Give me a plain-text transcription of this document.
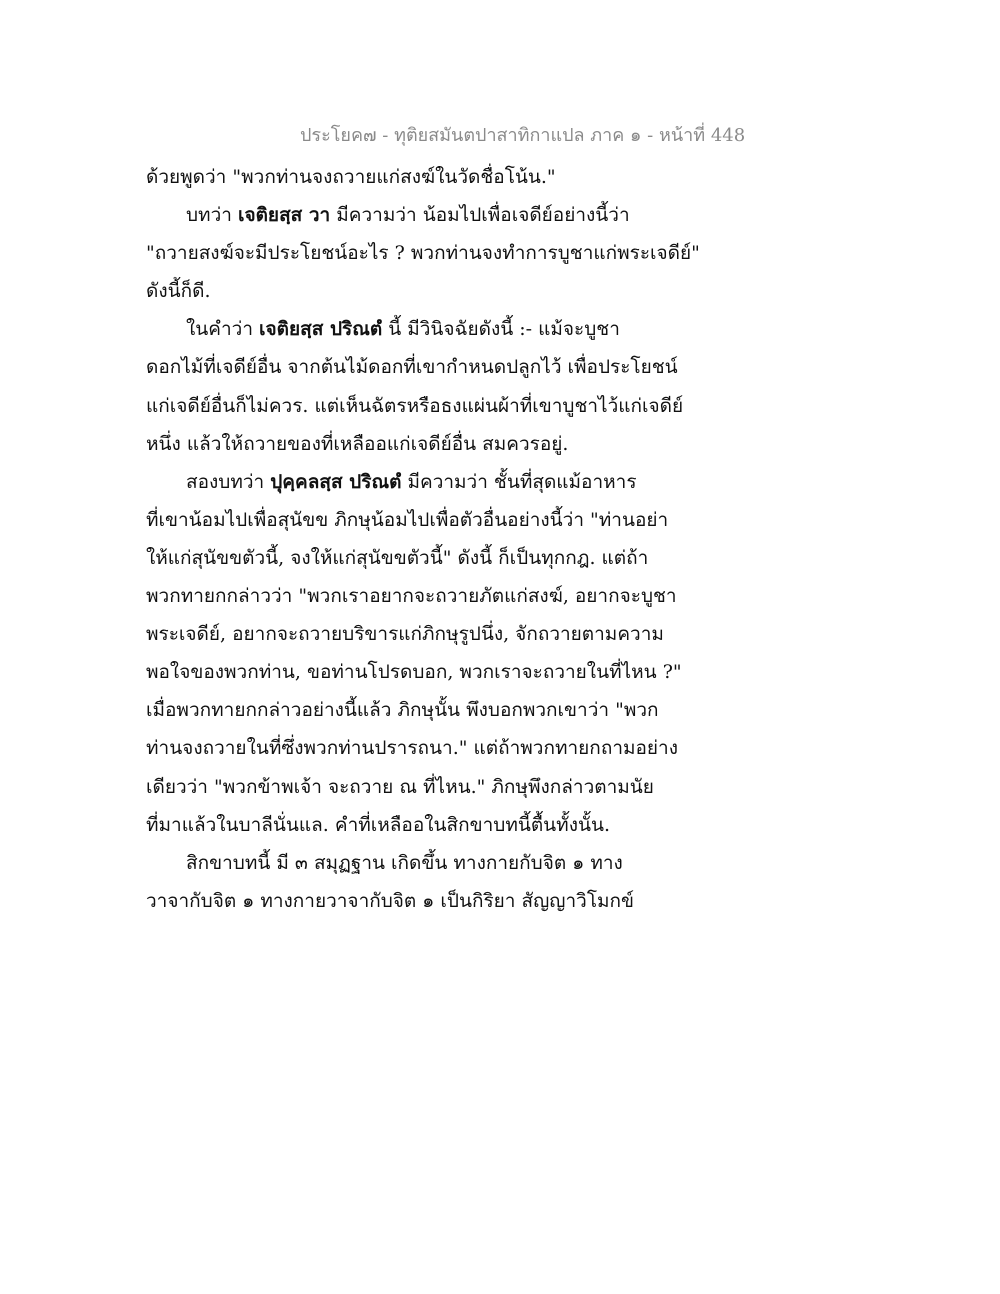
ประโยค๗ - ทุติยสมันตปาสาทิกาแปล ภาค ๑ - หน้าที่ 448
ด้วยพูดว่า "พวกท่านจงถวายแก่สงฆ์ในวัดชื่อโน้น."
บทว่า เจติยสฺส วา มีความว่า น้อมไปเพื่อเจดีย์อย่างนี้ว่า
"ถวายสงฆ์จะมีประโยชน์อะไร ? พวกท่านจงทำการบูชาแก่พระเจดีย์"
ดังนี้ก็ดี.
ในคำว่า เจติยสฺส ปริณตํ นี้ มีวินิจฉัยดังนี้ :- แม้จะบูชา
ดอกไม้ที่เจดีย์อื่น จากต้นไม้ดอกที่เขากำหนดปลูกไว้ เพื่อประโยชน์
แก่เจดีย์อื่นก็ไม่ควร. แต่เห็นฉัตรหรือธงแผ่นผ้าที่เขาบูชาไว้แก่เจดีย์
หนึ่ง แล้วให้ถวายของที่เหลืออแก่เจดีย์อื่น สมควรอยู่.
สองบทว่า ปุคฺคลสฺส ปริณตํ มีความว่า ชั้นที่สุดแม้อาหาร
ที่เขาน้อมไปเพื่อสุนัขข ภิกษุน้อมไปเพื่อตัวอื่นอย่างนี้ว่า "ท่านอย่า
ให้แก่สุนัขขตัวนี้, จงให้แก่สุนัขขตัวนี้" ดังนี้ ก็เป็นทุกกฎ. แต่ถ้า
พวกทายกกล่าวว่า "พวกเราอยากจะถวายภัตแก่สงฆ์, อยากจะบูชา
พระเจดีย์, อยากจะถวายบริขารแก่ภิกษุรูปนึ่ง, จักถวายตามความ
พอใจของพวกท่าน, ขอท่านโปรดบอก, พวกเราจะถวายในที่ไหน ?"
เมื่อพวกทายกกล่าวอย่างนี้แล้ว ภิกษุนั้น พึงบอกพวกเขาว่า "พวก
ท่านจงถวายในที่ซึ่งพวกท่านปรารถนา." แต่ถ้าพวกทายกถามอย่าง
เดียวว่า "พวกข้าพเจ้า จะถวาย ณ ที่ไหน." ภิกษุพึงกล่าวตามนัย
ที่มาแล้วในบาลีนั่นแล. คำที่เหลืออในสิกขาบทนี้ตื้นทั้งนั้น.
สิกขาบทนี้ มี ๓ สมุฏฐาน เกิดขึ้น ทางกายกับจิต ๑ ทาง
วาจากับจิต ๑ ทางกายวาจากับจิต ๑ เป็นกิริยา สัญญาวิโมกข์
